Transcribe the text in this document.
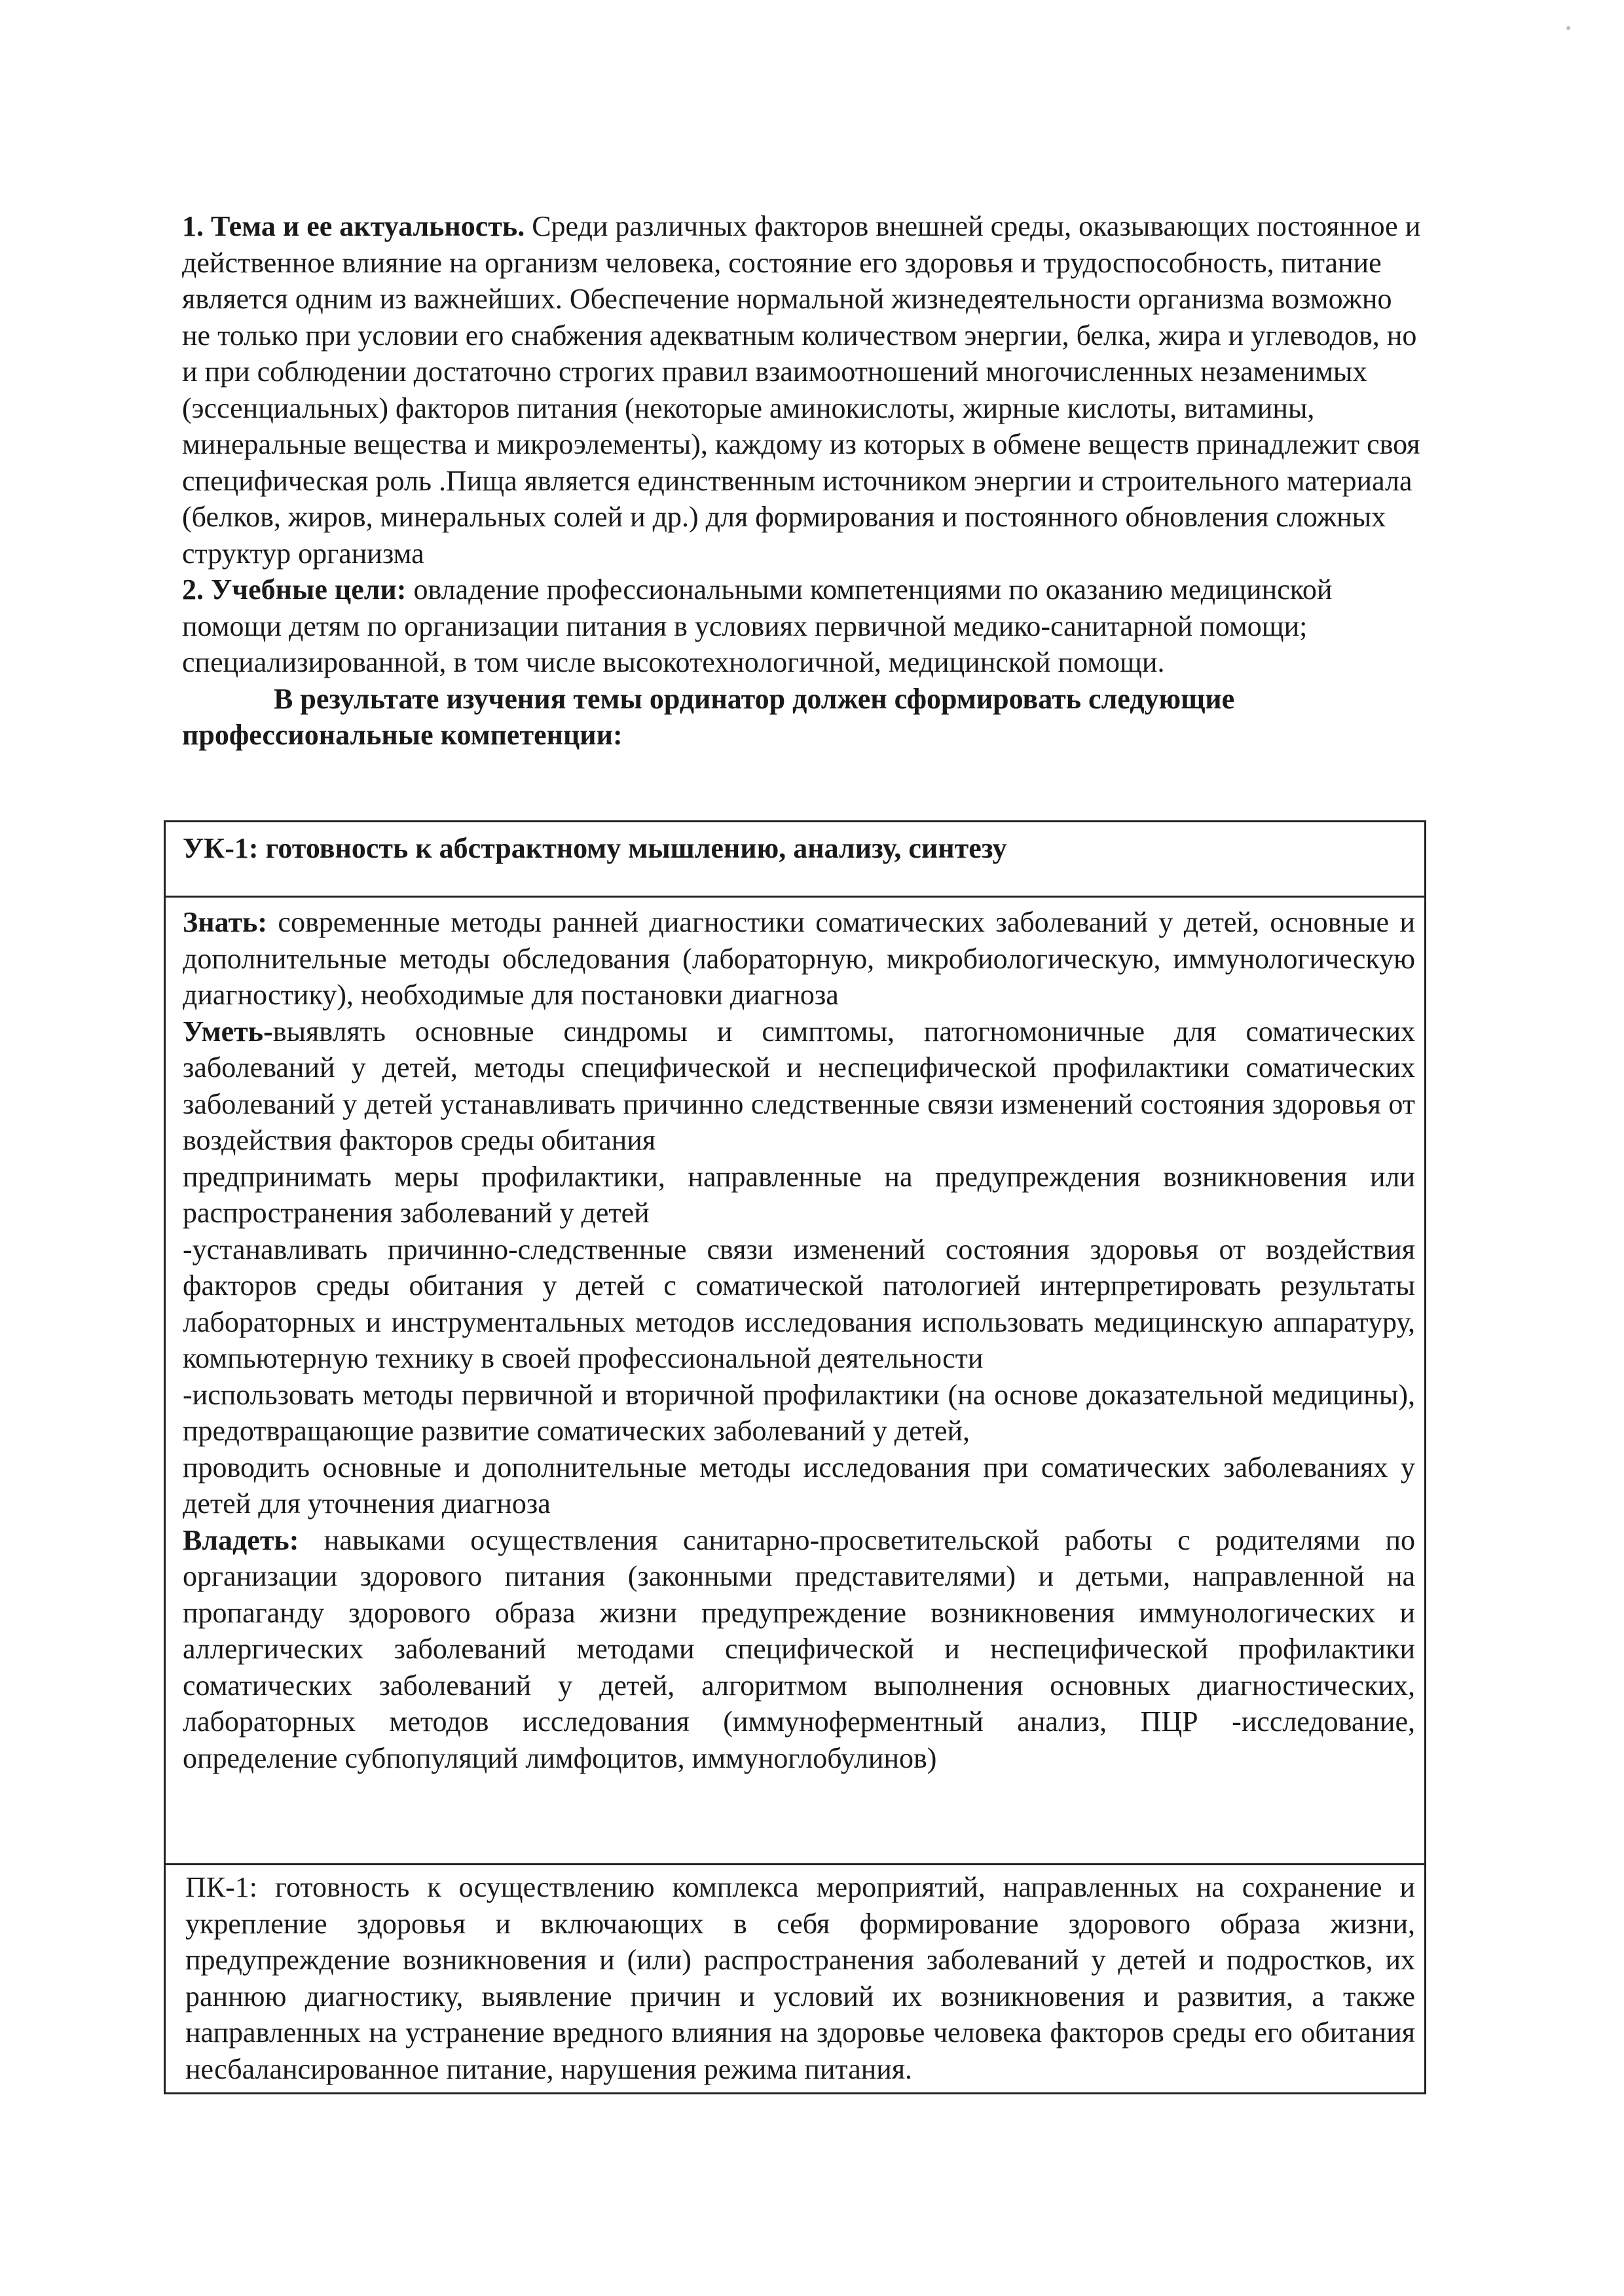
1. Тема и ее актуальность. Среди различных факторов внешней среды, оказывающих постоянное и действенное влияние на организм человека, состояние его здоровья и трудоспособность, питание является одним из важнейших. Обеспечение нормальной жизнедеятельности организма возможно не только при условии его снабжения адекватным количеством энергии, белка, жира и углеводов, но и при соблюдении достаточно строгих правил взаимоотношений многочисленных незаменимых (эссенциальных) факторов питания (некоторые аминокислоты, жирные кислоты, витамины, минеральные вещества и микроэлементы), каждому из которых в обмене веществ принадлежит своя специфическая роль .Пища является единственным источником энергии и строительного материала (белков, жиров, минеральных солей и др.) для формирования и постоянного обновления сложных структур организма

2. Учебные цели: овладение профессиональными компетенциями по оказанию медицинской помощи детям по организации питания в условиях первичной медико-санитарной помощи; специализированной, в том числе высокотехнологичной, медицинской помощи.

В результате изучения темы ординатор должен сформировать следующие профессиональные компетенции:

УК-1: готовность к абстрактному мышлению, анализу, синтезу

Знать: современные методы ранней диагностики соматических заболеваний у детей, основные и дополнительные методы обследования (лабораторную, микробиологическую, иммунологическую диагностику), необходимые для постановки диагноза

Уметь-выявлять основные синдромы и симптомы, патогномоничные для соматических заболеваний у детей, методы специфической и неспецифической профилактики соматических заболеваний у детей устанавливать причинно следственные связи изменений состояния здоровья от воздействия факторов среды обитания

предпринимать меры профилактики, направленные на предупреждения возникновения или распространения заболеваний у детей

-устанавливать причинно-следственные связи изменений состояния здоровья от воздействия факторов среды обитания у детей с соматической патологией интерпретировать результаты лабораторных и инструментальных методов исследования использовать медицинскую аппаратуру, компьютерную технику в своей профессиональной деятельности

-использовать методы первичной и вторичной профилактики (на основе доказательной медицины), предотвращающие развитие соматических заболеваний у детей,

проводить основные и дополнительные методы исследования при соматических заболеваниях у детей для уточнения диагноза

Владеть: навыками осуществления санитарно-просветительской работы с родителями по организации здорового питания (законными представителями) и детьми, направленной на пропаганду здорового образа жизни предупреждение возникновения иммунологических и аллергических заболеваний методами специфической и неспецифической профилактики соматических заболеваний у детей, алгоритмом выполнения основных диагностических, лабораторных методов исследования (иммуноферментный анализ, ПЦР -исследование, определение субпопуляций лимфоцитов, иммуноглобулинов)

ПК-1: готовность к осуществлению комплекса мероприятий, направленных на сохранение и укрепление здоровья и включающих в себя формирование здорового образа жизни, предупреждение возникновения и (или) распространения заболеваний у детей и подростков, их раннюю диагностику, выявление причин и условий их возникновения и развития, а также направленных на устранение вредного влияния на здоровье человека факторов среды его обитания несбалансированное питание, нарушения режима питания.
